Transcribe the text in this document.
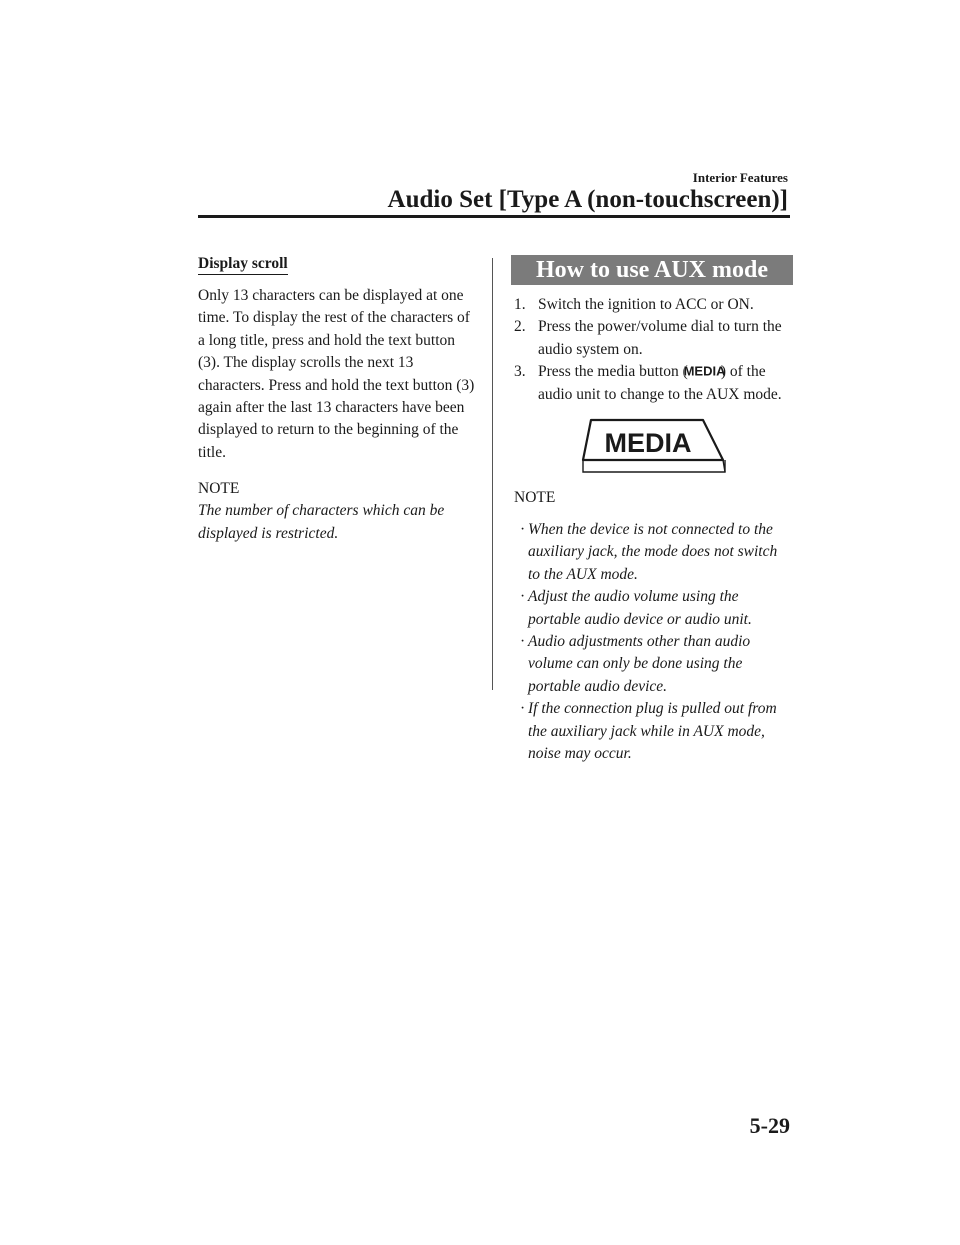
Interior Features
Audio Set [Type A (non-touchscreen)]
Display scroll

Only 13 characters can be displayed at one time. To display the rest of the characters of a long title, press and hold the text button (3). The display scrolls the next 13 characters. Press and hold the text button (3) again after the last 13 characters have been displayed to return to the beginning of the title.

NOTE

The number of characters which can be displayed is restricted.

How to use AUX mode
1. Switch the ignition to ACC or ON.
2. Press the power/volume dial to turn the audio system on.
3. Press the media button (
MEDIA
) of the audio unit to change to the AUX mode.
MEDIA

NOTE

· When the device is not connected to the auxiliary jack, the mode does not switch to the AUX mode.
· Adjust the audio volume using the portable audio device or audio unit.
· Audio adjustments other than audio volume can only be done using the portable audio device.
· If the connection plug is pulled out from the auxiliary jack while in AUX mode, noise may occur.
5-29
